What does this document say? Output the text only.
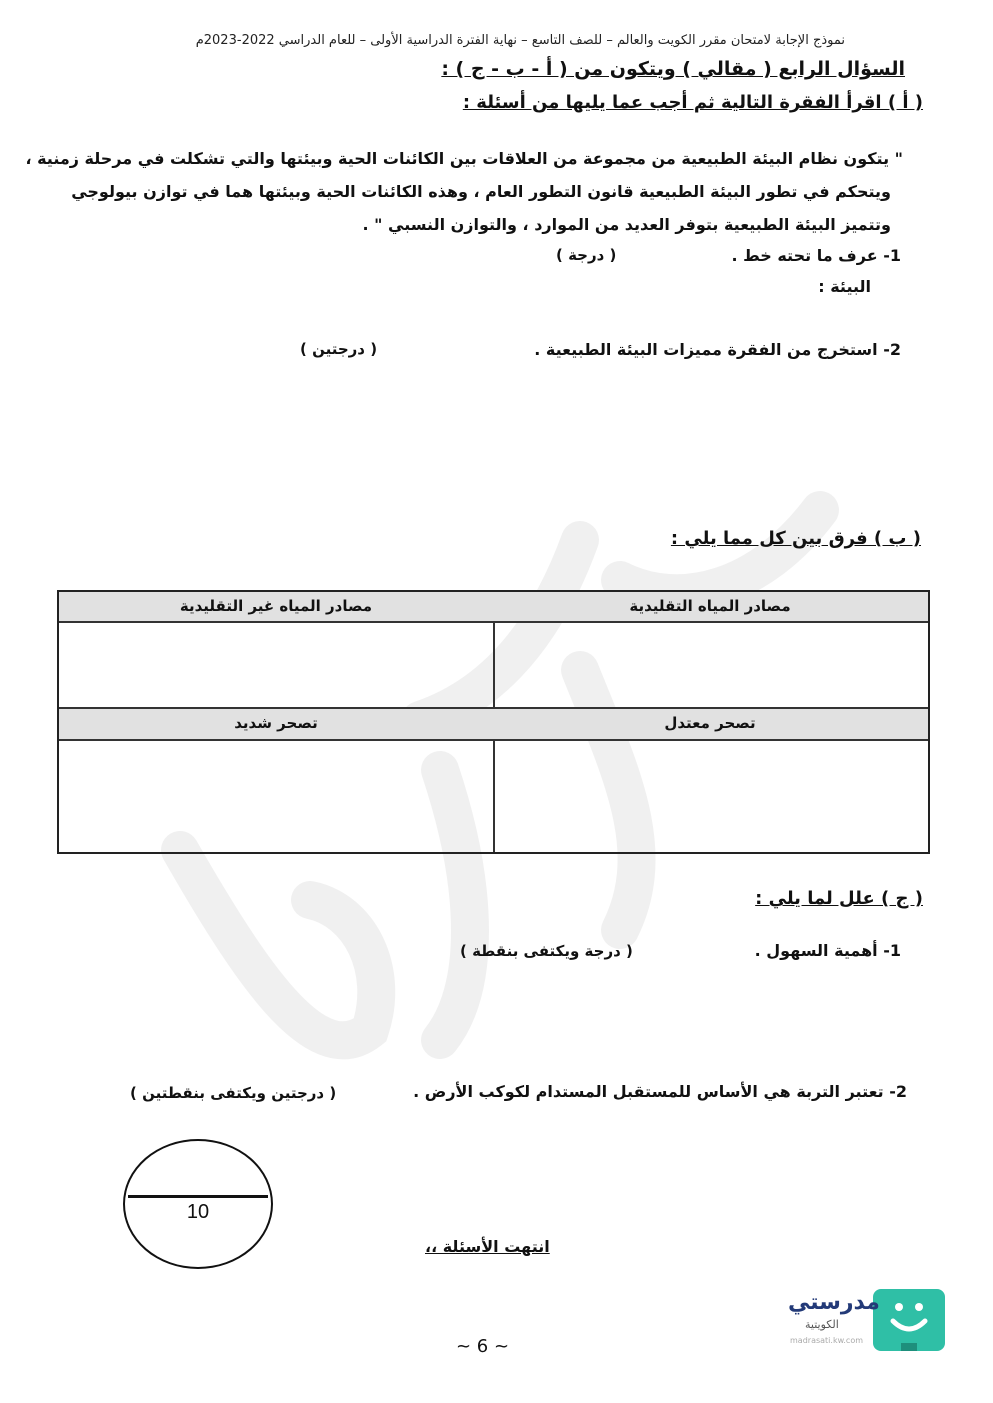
نموذج الإجابة لامتحان مقرر الكويت والعالم – للصف التاسع – نهاية الفترة الدراسية الأولى – للعام الدراسي 2022-2023م
السؤال الرابع ( مقالي ) ويتكون من ( أ - ب - ج ) :
( أ ) اقرأ الفقرة التالية ثم أجب عما يليها من أسئلة :
" يتكون نظام البيئة الطبيعية من مجموعة من العلاقات بين الكائنات الحية وبيئتها والتي تشكلت في مرحلة زمنية ،
ويتحكم في تطور البيئة الطبيعية قانون التطور العام ، وهذه الكائنات الحية وبيئتها هما في توازن بيولوجي
وتتميز البيئة الطبيعية بتوفر العديد من الموارد ، والتوازن النسبي " .
1- عرف ما تحته خط .
( درجة )
البيئة :
2- استخرج من الفقرة مميزات البيئة الطبيعية .
( درجتين )
( ب ) فرق بين كل مما يلي :
مصادر المياه التقليدية
مصادر المياه غير التقليدية
تصحر معتدل
تصحر شديد
( ج ) علل لما يلي :
1- أهمية السهول .
( درجة ويكتفى بنقطة )
2- تعتبر التربة هي الأساس للمستقبل المستدام لكوكب الأرض .
( درجتين ويكتفى بنقطتين )
10
انتهت الأسئلة ،،
~ 6 ~
مدرستي
الكويتية
madrasati.kw.com
